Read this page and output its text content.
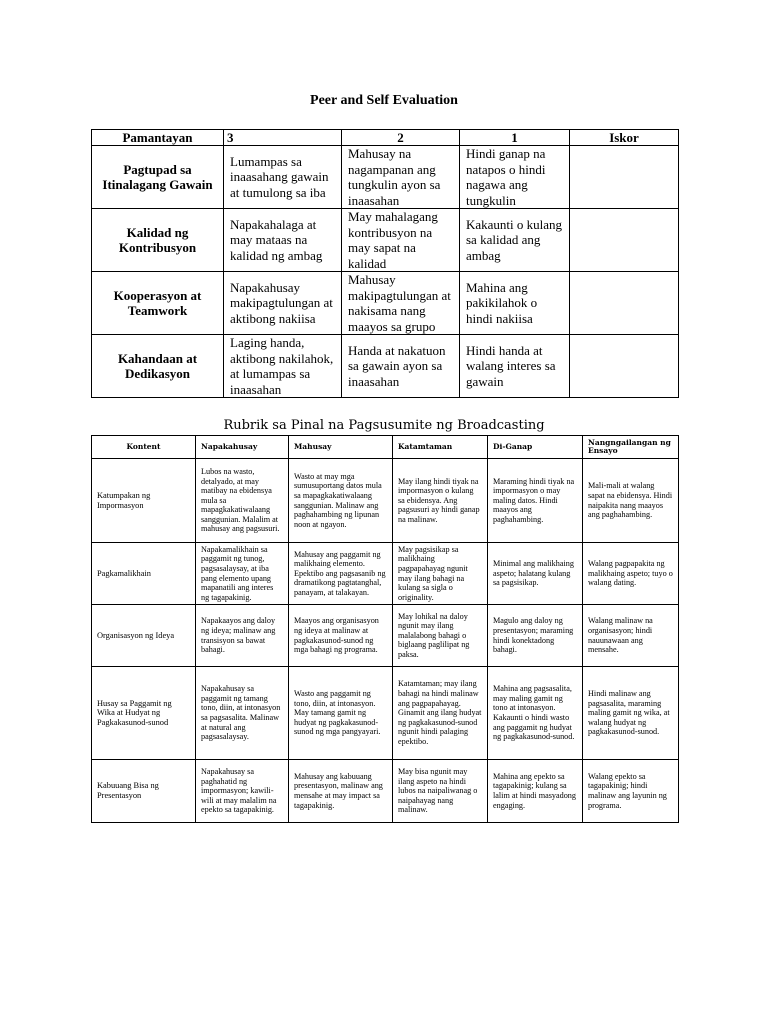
Peer and Self Evaluation
Pamantayan	3	2	1	Iskor
Pagtupad sa Itinalagang Gawain	Lumampas sa inaasahang gawain at tumulong sa iba	Mahusay na nagampanan ang tungkulin ayon sa inaasahan	Hindi ganap na natapos o hindi nagawa ang tungkulin	
Kalidad ng Kontribusyon	Napakahalaga at may mataas na kalidad ng ambag	May mahalagang kontribusyon na may sapat na kalidad	Kakaunti o kulang sa kalidad ang ambag	
Kooperasyon at Teamwork	Napakahusay makipagtulungan at aktibong nakiisa	Mahusay makipagtulungan at nakisama nang maayos sa grupo	Mahina ang pakikilahok o hindi nakiisa	
Kahandaan at Dedikasyon	Laging handa, aktibong nakilahok, at lumampas sa inaasahan	Handa at nakatuon sa gawain ayon sa inaasahan	Hindi handa at walang interes sa gawain	
Rubrik sa Pinal na Pagsusumite ng Broadcasting
Kontent	Napakahusay	Mahusay	Katamtaman	Di-Ganap	Nangngailangan ng Ensayo
Katumpakan ng Impormasyon	Lubos na wasto, detalyado, at may matibay na ebidensya mula sa mapagkakatiwalaang sanggunian. Malalim at mahusay ang pagsusuri.	Wasto at may mga sumusuportang datos mula sa mapagkakatiwalaang sanggunian. Malinaw ang paghahambing ng lipunan noon at ngayon.	May ilang hindi tiyak na impormasyon o kulang sa ebidensya. Ang pagsusuri ay hindi ganap na malinaw.	Maraming hindi tiyak na impormasyon o may maling datos. Hindi maayos ang paghahambing.	Mali-mali at walang sapat na ebidensya. Hindi naipakita nang maayos ang paghahambing.
Pagkamalikhain	Napakamalikhain sa paggamit ng tunog, pagsasalaysay, at iba pang elemento upang mapanatili ang interes ng tagapakinig.	Mahusay ang paggamit ng malikhaing elemento. Epektibo ang pagsasanib ng dramatikong pagtatanghal, panayam, at talakayan.	May pagsisikap sa malikhaing pagpapahayag ngunit may ilang bahagi na kulang sa sigla o originality.	Minimal ang malikhaing aspeto; halatang kulang sa pagsisikap.	Walang pagpapakita ng malikhaing aspeto; tuyo o walang dating.
Organisasyon ng Ideya	Napakaayos ang daloy ng ideya; malinaw ang transisyon sa bawat bahagi.	Maayos ang organisasyon ng ideya at malinaw at pagkakasunod-sunod ng mga bahagi ng programa.	May lohikal na daloy ngunit may ilang malalabong bahagi o biglaang paglilipat ng paksa.	Magulo ang daloy ng presentasyon; maraming hindi konektadong bahagi.	Walang malinaw na organisasyon; hindi nauunawaan ang mensahe.
Husay sa Paggamit ng Wika at Hudyat ng Pagkakasunod-sunod	Napakahusay sa paggamit ng tamang tono, diin, at intonasyon sa pagsasalita. Malinaw at natural ang pagsasalaysay.	Wasto ang paggamit ng tono, diin, at intonasyon. May tamang gamit ng hudyat ng pagkakasunod-sunod ng mga pangyayari.	Katamtaman; may ilang bahagi na hindi malinaw ang pagpapahayag. Ginamit ang ilang hudyat ng pagkakasunod-sunod ngunit hindi palaging epektibo.	Mahina ang pagsasalita, may maling gamit ng tono at intonasyon. Kakaunti o hindi wasto ang paggamit ng hudyat ng pagkakasunod-sunod.	Hindi malinaw ang pagsasalita, maraming maling gamit ng wika, at walang hudyat ng pagkakasunod-sunod.
Kabuuang Bisa ng Presentasyon	Napakahusay sa paghahatid ng impormasyon; kawili-wili at may malalim na epekto sa tagapakinig.	Mahusay ang kabuuang presentasyon, malinaw ang mensahe at may impact sa tagapakinig.	May bisa ngunit may ilang aspeto na hindi lubos na naipaliwanag o naipahayag nang malinaw.	Mahina ang epekto sa tagapakinig; kulang sa lalim at hindi masyadong engaging.	Walang epekto sa tagapakinig; hindi malinaw ang layunin ng programa.
